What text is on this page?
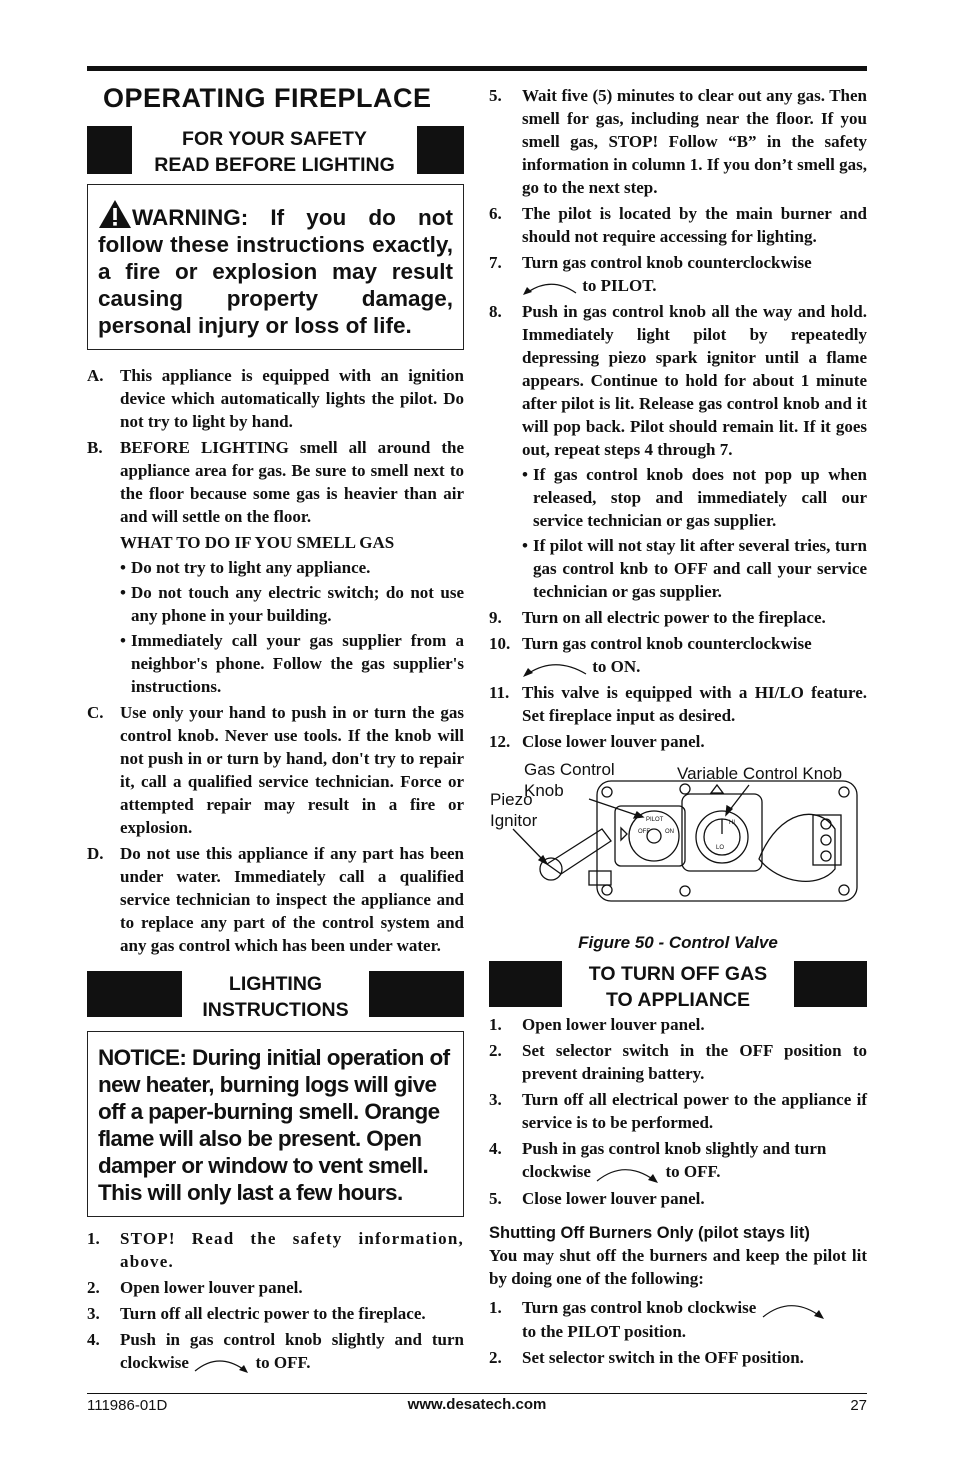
OPERATING FIREPLACE
FOR YOUR SAFETY
READ BEFORE LIGHTING
WARNING: If you do not follow these instructions exactly, a fire or explosion may result causing property damage, personal injury or loss of life.
A. This appliance is equipped with an ignition device which automatically lights the pilot. Do not try to light by hand.
B.	BEFORE LIGHTING smell all around the appliance area for gas. Be sure to smell next to the floor because some gas is heavier than air and will settle on the floor.
WHAT TO DO IF YOU SMELL GAS
• Do not try to light any appliance.
• Do not touch any electric switch; do not use any phone in your building.
• Immediately call your gas supplier from a neighbor's phone. Follow the gas supplier's instructions.
C. Use only your hand to push in or turn the gas control knob. Never use tools. If the knob will not push in or turn by hand, don't try to repair it, call a qualified service technician. Force or attempted repair may result in a fire or explosion.
D. Do not use this appliance if any part has been under water. Immediately call a qualified service technician to inspect the appliance and to replace any part of the control system and any gas control which has been under water.
LIGHTING
INSTRUCTIONS
NOTICE: During initial operation of new heater, burning logs will give off a paper-burning smell. Orange flame will also be present. Open damper or window to vent smell. This will only last a few hours.
1.	STOP! Read the safety information, above.
2.	Open lower louver panel.
3.	Turn off all electric power to the fireplace.
4.	Push in gas control knob slightly and turn clockwise	to OFF.
5.	Wait five (5) minutes to clear out any gas. Then smell for gas, including near the floor. If you smell gas, STOP! Follow “B” in the safety information in column 1. If you don’t smell gas, go to the next step.
6.	The pilot is located by the main burner and should not require accessing for lighting.
7.	Turn gas control knob counterclockwise
to PILOT.
8.	Push in gas control knob all the way and hold. Immediately light pilot by repeatedly depressing piezo spark ignitor until a flame appears. Continue to hold for about 1 minute after pilot is lit. Release gas control knob and it will pop back. Pilot should remain lit. If it goes out, repeat steps 4 through 7.
• If gas control knob does not pop up when released, stop and immediately call our service technician or gas supplier.
• If pilot will not stay lit after several tries, turn gas control knb to OFF and call your service technician or gas supplier.
9.	Turn on all electric power to the fireplace.
10. Turn gas control knob counterclockwise
to ON.
11. This valve is equipped with a HI/LO feature. Set fireplace input as desired.
12. Close lower louver panel.
Gas Control
Knob
Variable Control Knob
Piezo
Ignitor
OFF
PILOT
ON
LO
HI
Figure 50 - Control Valve
TO TURN OFF GAS
TO APPLIANCE
1.	Open lower louver panel.
2.	Set selector switch in the OFF position to prevent draining battery.
3.	Turn off all electrical power to the appliance if service is to be performed.
4.	Push in gas control knob slightly and turn
clockwise	to OFF.
5.	Close lower louver panel.
Shutting Off Burners Only (pilot stays lit)
You may shut off the burners and keep the pilot lit by doing one of the following:
1.	Turn gas control knob clockwise
to the PILOT position.
2.	Set selector switch in the OFF position.
111986-01D	www.desatech.com	27
